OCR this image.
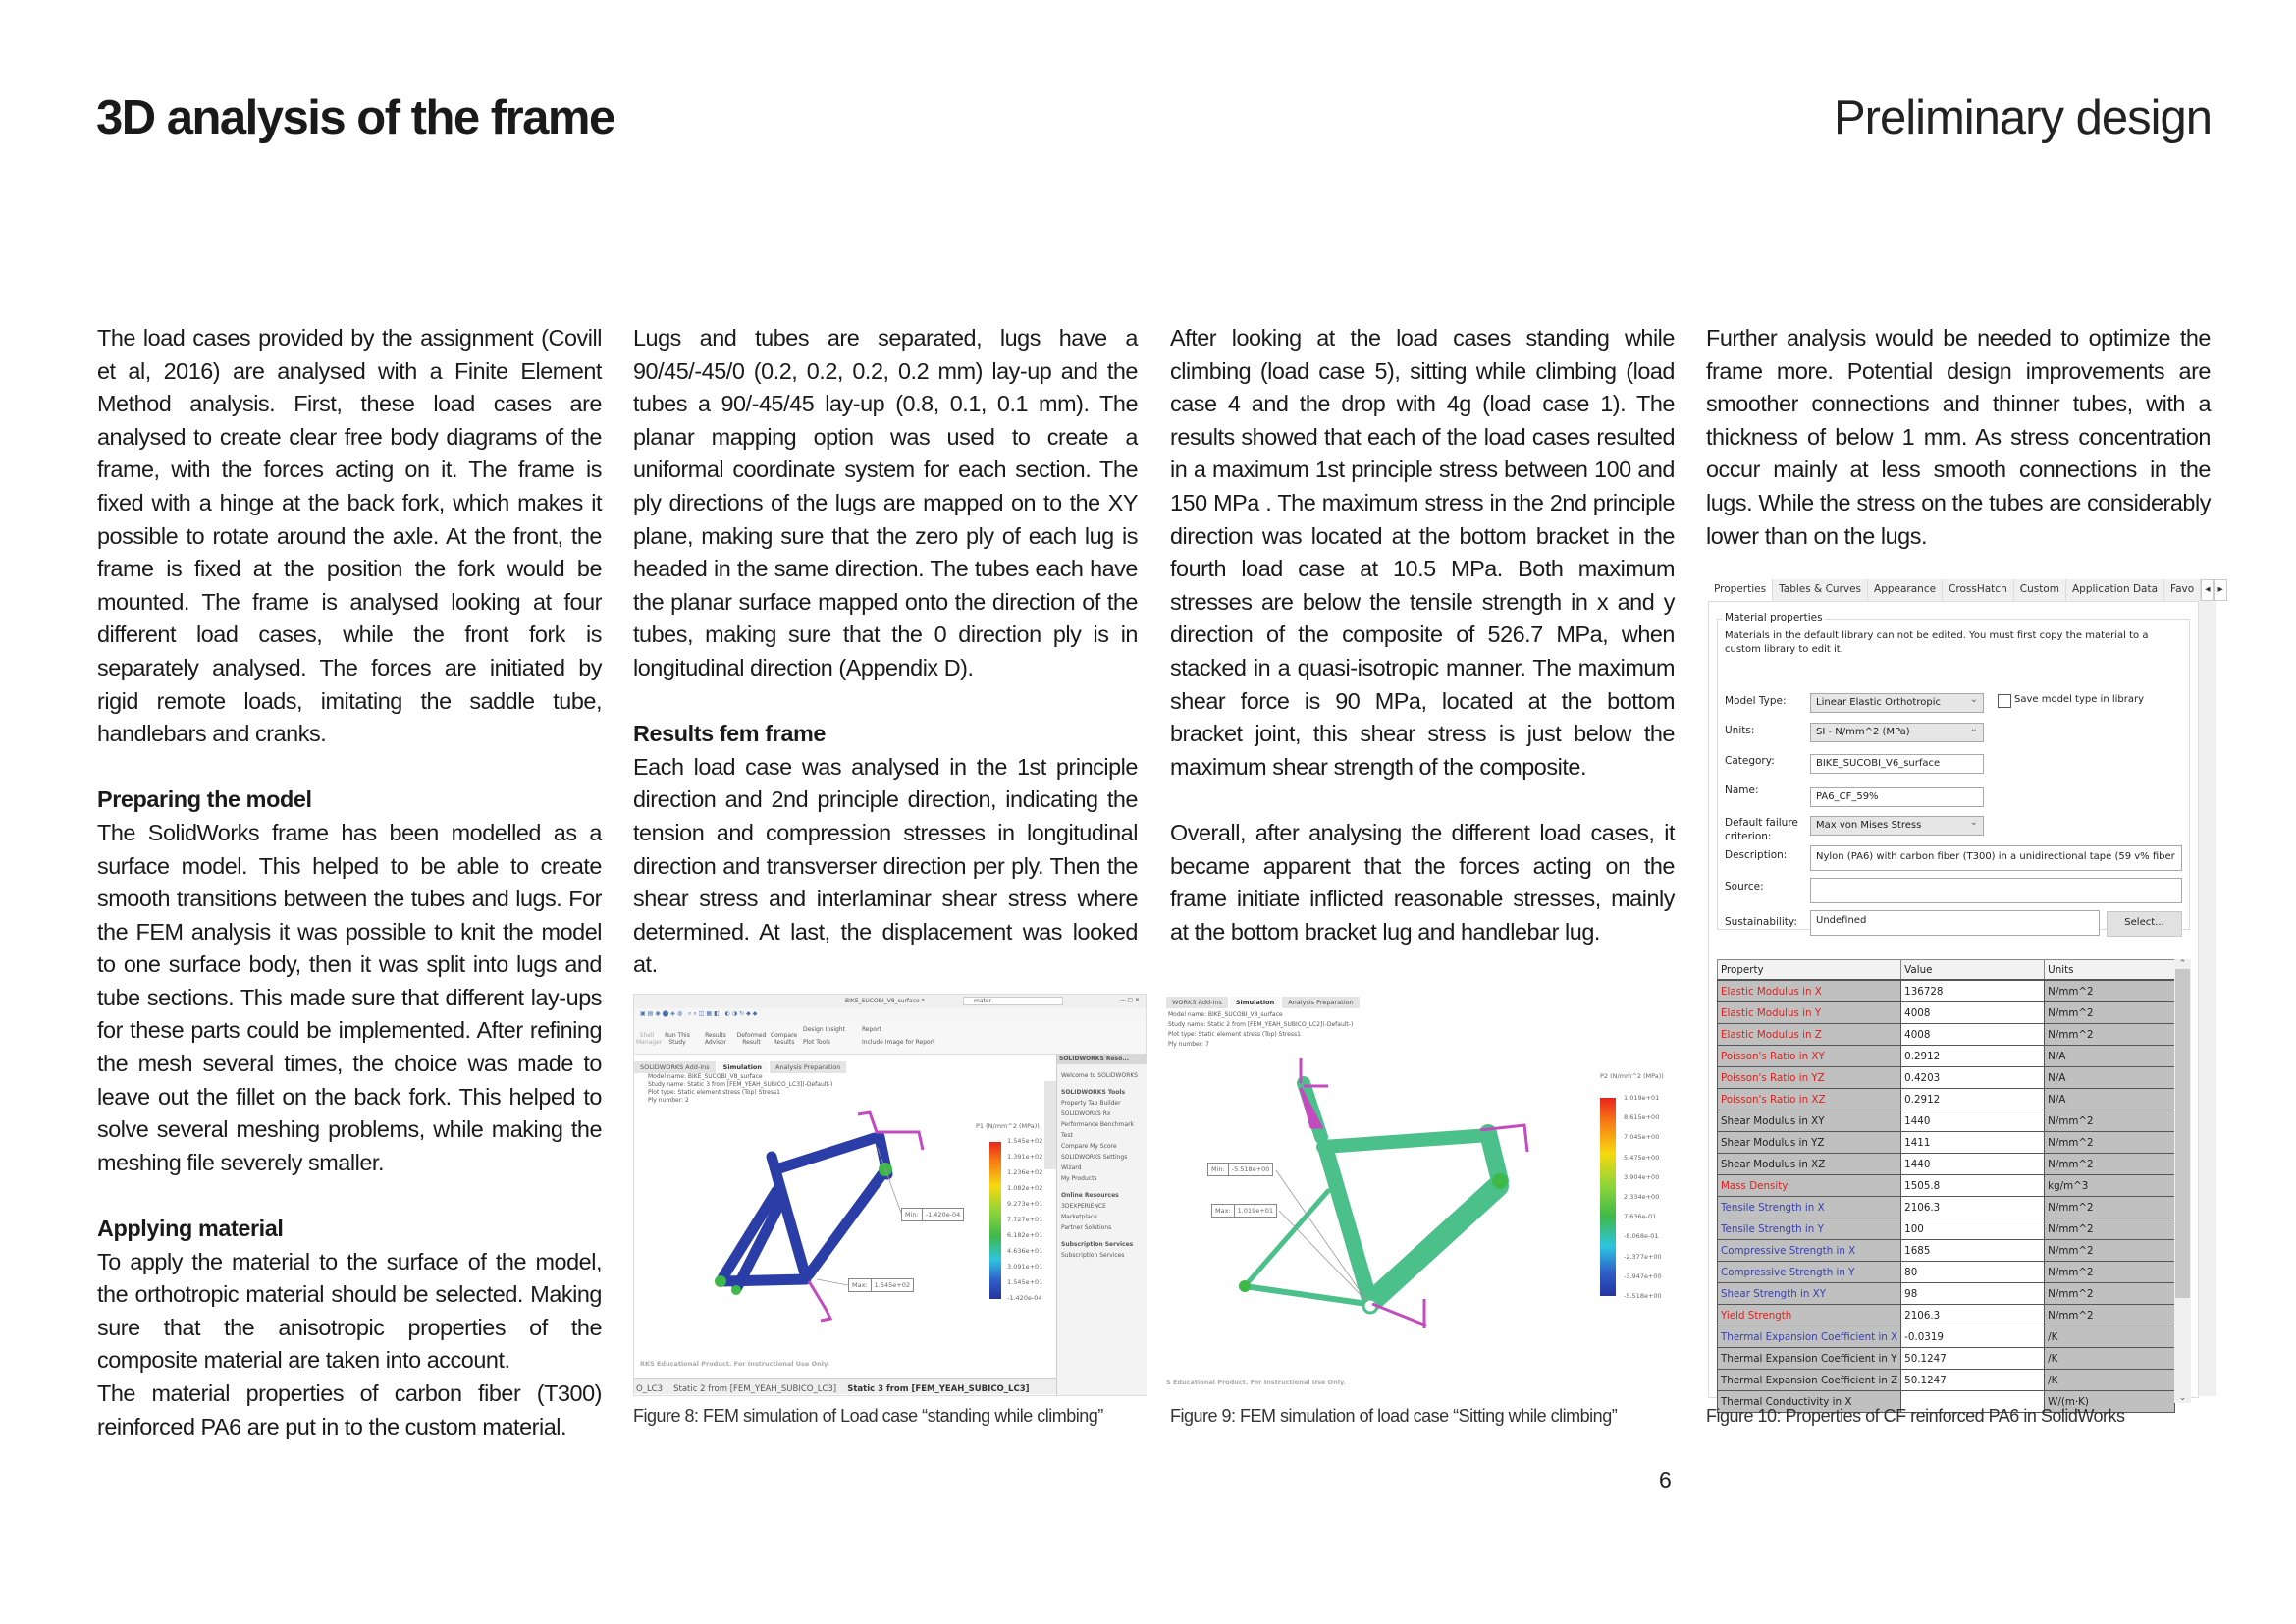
3D analysis of the frame	Preliminary design

The load cases provided by the assignment (Covill et al, 2016) are analysed with a Finite Element Method analysis. First, these load cases are analysed to create clear free body diagrams of the frame, with the forces acting on it. The frame is fixed with a hinge at the back fork, which makes it possible to rotate around the axle. At the front, the frame is fixed at the position the fork would be mounted. The frame is analysed looking at four different load cases, while the front fork is separately analysed. The forces are initiated by rigid remote loads, imitating the saddle tube, handlebars and cranks.

Preparing the model

The SolidWorks frame has been modelled as a surface model. This helped to be able to create smooth transitions between the tubes and lugs. For the FEM analysis it was possible to knit the model to one surface body, then it was split into lugs and tube sections. This made sure that different lay-ups for these parts could be implemented. After refining the mesh several times, the choice was made to leave out the fillet on the back fork. This helped to solve several meshing problems, while making the meshing file severely smaller.

Applying material

To apply the material to the surface of the model, the orthotropic material should be selected. Making sure that the anisotropic properties of the composite material are taken into account.

The material properties of carbon fiber (T300) reinforced PA6 are put in to the custom material.

Lugs and tubes are separated, lugs have a 90/45/-45/0 (0.2, 0.2, 0.2, 0.2 mm) lay-up and the tubes a 90/-45/45 lay-up (0.8, 0.1, 0.1 mm). The planar mapping option was used to create a uniformal coordinate system for each section. The ply directions of the lugs are mapped on to the XY plane, making sure that the zero ply of each lug is headed in the same direction. The tubes each have the planar surface mapped onto the direction of the tubes, making sure that the 0 direction ply is in longitudinal direction (Appendix D).

Results fem frame

Each load case was analysed in the 1st principle direction and 2nd principle direction, indicating the tension and compression stresses in longitudinal direction and transverser direction per ply. Then the shear stress and interlaminar shear stress where determined. At last, the displacement was looked at.

After looking at the load cases standing while climbing (load case 5), sitting while climbing (load case 4 and the drop with 4g (load case 1). The results showed that each of the load cases resulted in a maximum 1st principle stress between 100 and 150 MPa . The maximum stress in the 2nd principle direction was located at the bottom bracket in the fourth load case at 10.5 MPa. Both maximum stresses are below the tensile strength in x and y direction of the composite of 526.7 MPa, when stacked in a quasi-isotropic manner. The maximum shear force is 90 MPa, located at the bottom bracket joint, this shear stress is just below the maximum shear strength of the composite.

Overall, after analysing the different load cases, it became apparent that the forces acting on the frame initiate inflicted reasonable stresses, mainly at the bottom bracket lug and handlebar lug.

Further analysis would be needed to optimize the frame more. Potential design improvements are smoother connections and thinner tubes, with a thickness of below 1 mm. As stress concentration occur mainly at less smooth connections in the lugs. While the stress on the tubes are considerably lower than on the lugs.

BIKE_SUCOBI_V8_surface *	mater	— ▢ ✕
▣▤◉⬤◈◍ ⌕⌕◫▦◧ ◐◑↻◆◆
Shell Manager
Run This Study
Results Advisor
Deformed Result
Compare Results
Design Insight
Plot Tools
Report
Include Image for Report
SOLIDWORKS Add-Ins Simulation Analysis Preparation
Model name: BIKE_SUCOBI_V8_surface
Study name: Static 3 from [FEM_YEAH_SUBICO_LC3](-Default-)
Plot type: Static element stress (Top) Stress1
Ply number: 2
Min:	-1.420e-04
Max:	1.545e+02
P1 (N/mm^2 (MPa))
1.545e+02
1.391e+02
1.236e+02
1.082e+02
9.273e+01
7.727e+01
6.182e+01
4.636e+01
3.091e+01
1.545e+01
-1.420e-04
RKS Educational Product. For Instructional Use Only.
O_LC3 Static 2 from [FEM_YEAH_SUBICO_LC3] Static 3 from [FEM_YEAH_SUBICO_LC3]
SOLIDWORKS Reso...
Welcome to SOLIDWORKS
SOLIDWORKS Tools
Property Tab Builder
SOLIDWORKS Rx
Performance Benchmark Test
Compare My Score
SOLIDWORKS Settings Wizard
My Products
Online Resources
3DEXPERIENCE Marketplace
Partner Solutions
Subscription Services
Subscription Services
Figure 8: FEM simulation of Load case “standing while climbing”
WORKS Add-Ins Simulation Analysis Preparation
Model name: BIKE_SUCOBI_V8_surface
Study name: Static 2 from [FEM_YEAH_SUBICO_LC2](-Default-)
Plot type: Static element stress (Top) Stress1
Ply number: 7
Min:	-5.518e+00
Max:	1.019e+01
P2 (N/mm^2 (MPa))
1.019e+01
8.615e+00
7.045e+00
5.475e+00
3.904e+00
2.334e+00
7.636e-01
-8.068e-01
-2.377e+00
-3.947e+00
-5.518e+00
S Educational Product. For Instructional Use Only.
Figure 9: FEM simulation of load case “Sitting while climbing”
Properties	Tables & Curves	Appearance	CrossHatch	Custom	Application Data	Favo	◂ ▸
Material properties
Materials in the default library can not be edited. You must first copy the material to a custom library to edit it.
Model Type:	Linear Elastic Orthotropic ⌄	Save model type in library
Units:	SI - N/mm^2 (MPa) ⌄
Category:	BIKE_SUCOBI_V6_surface
Name:
PA6_CF_59%
Default failure criterion:
Max von Mises Stress ⌄
Description:	Nylon (PA6) with carbon fiber (T300) in a unidirectional tape (59 v% fiber
Source:
Sustainability:	Undefined	Select...
Property	Value	Units
Elastic Modulus in X	136728	N/mm^2
Elastic Modulus in Y	4008	N/mm^2
Elastic Modulus in Z	4008	N/mm^2
Poisson's Ratio in XY	0.2912	N/A
Poisson's Ratio in YZ	0.4203	N/A
Poisson's Ratio in XZ	0.2912	N/A
Shear Modulus in XY	1440	N/mm^2
Shear Modulus in YZ	1411	N/mm^2
Shear Modulus in XZ	1440	N/mm^2
Mass Density	1505.8	kg/m^3
Tensile Strength in X	2106.3	N/mm^2
Tensile Strength in Y	100	N/mm^2
Compressive Strength in X	1685	N/mm^2
Compressive Strength in Y	80	N/mm^2
Shear Strength in XY	98	N/mm^2
Yield Strength	2106.3	N/mm^2
Thermal Expansion Coefficient in X	-0.0319	/K
Thermal Expansion Coefficient in Y	50.1247	/K
Thermal Expansion Coefficient in Z	50.1247	/K
Thermal Conductivity in X		W/(m·K)
⌃
⌄
Figure 10: Properties of CF reinforced PA6 in SolidWorks
6
